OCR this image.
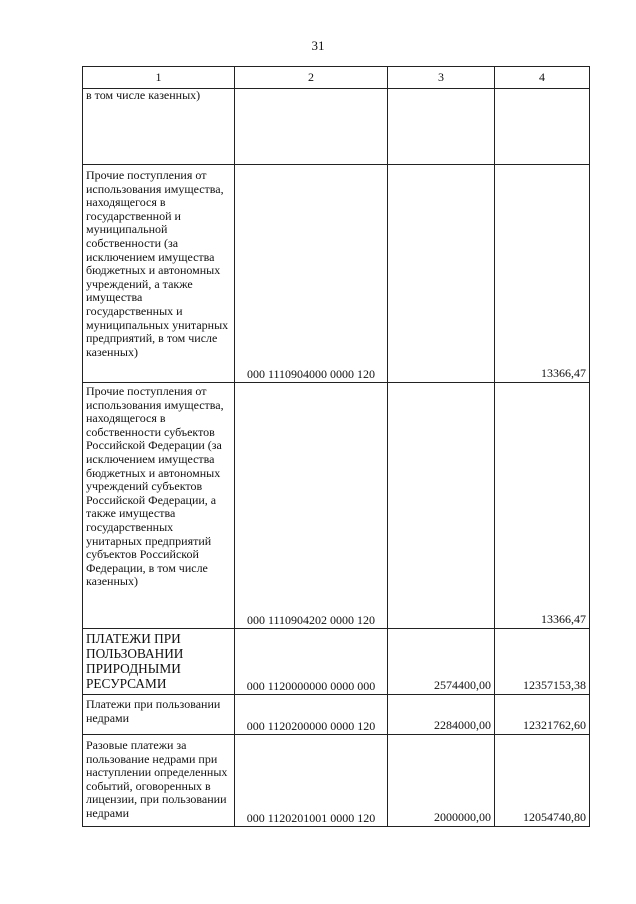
31
1	2	3	4

в том числе казенных)			

Прочие поступления от использования имущества, находящегося в государственной и муниципальной собственности (за исключением имущества бюджетных и автономных учреждений, а также имущества государственных и муниципальных унитарных предприятий, в том числе казенных)	000 1110904000 0000 120		13366,47

Прочие поступления от использования имущества, находящегося в собственности субъектов Российской Федерации (за исключением имущества бюджетных и автономных учреждений субъектов Российской Федерации, а также имущества государственных унитарных предприятий субъектов Российской Федерации, в том числе казенных)	000 1110904202 0000 120		13366,47

ПЛАТЕЖИ ПРИ ПОЛЬЗОВАНИИ ПРИРОДНЫМИ РЕСУРСАМИ	000 1120000000 0000 000	2574400,00	12357153,38

Платежи при пользовании недрами	000 1120200000 0000 120	2284000,00	12321762,60

Разовые платежи за пользование недрами при наступлении определенных событий, оговоренных в лицензии, при пользовании недрами	000 1120201001 0000 120	2000000,00	12054740,80
